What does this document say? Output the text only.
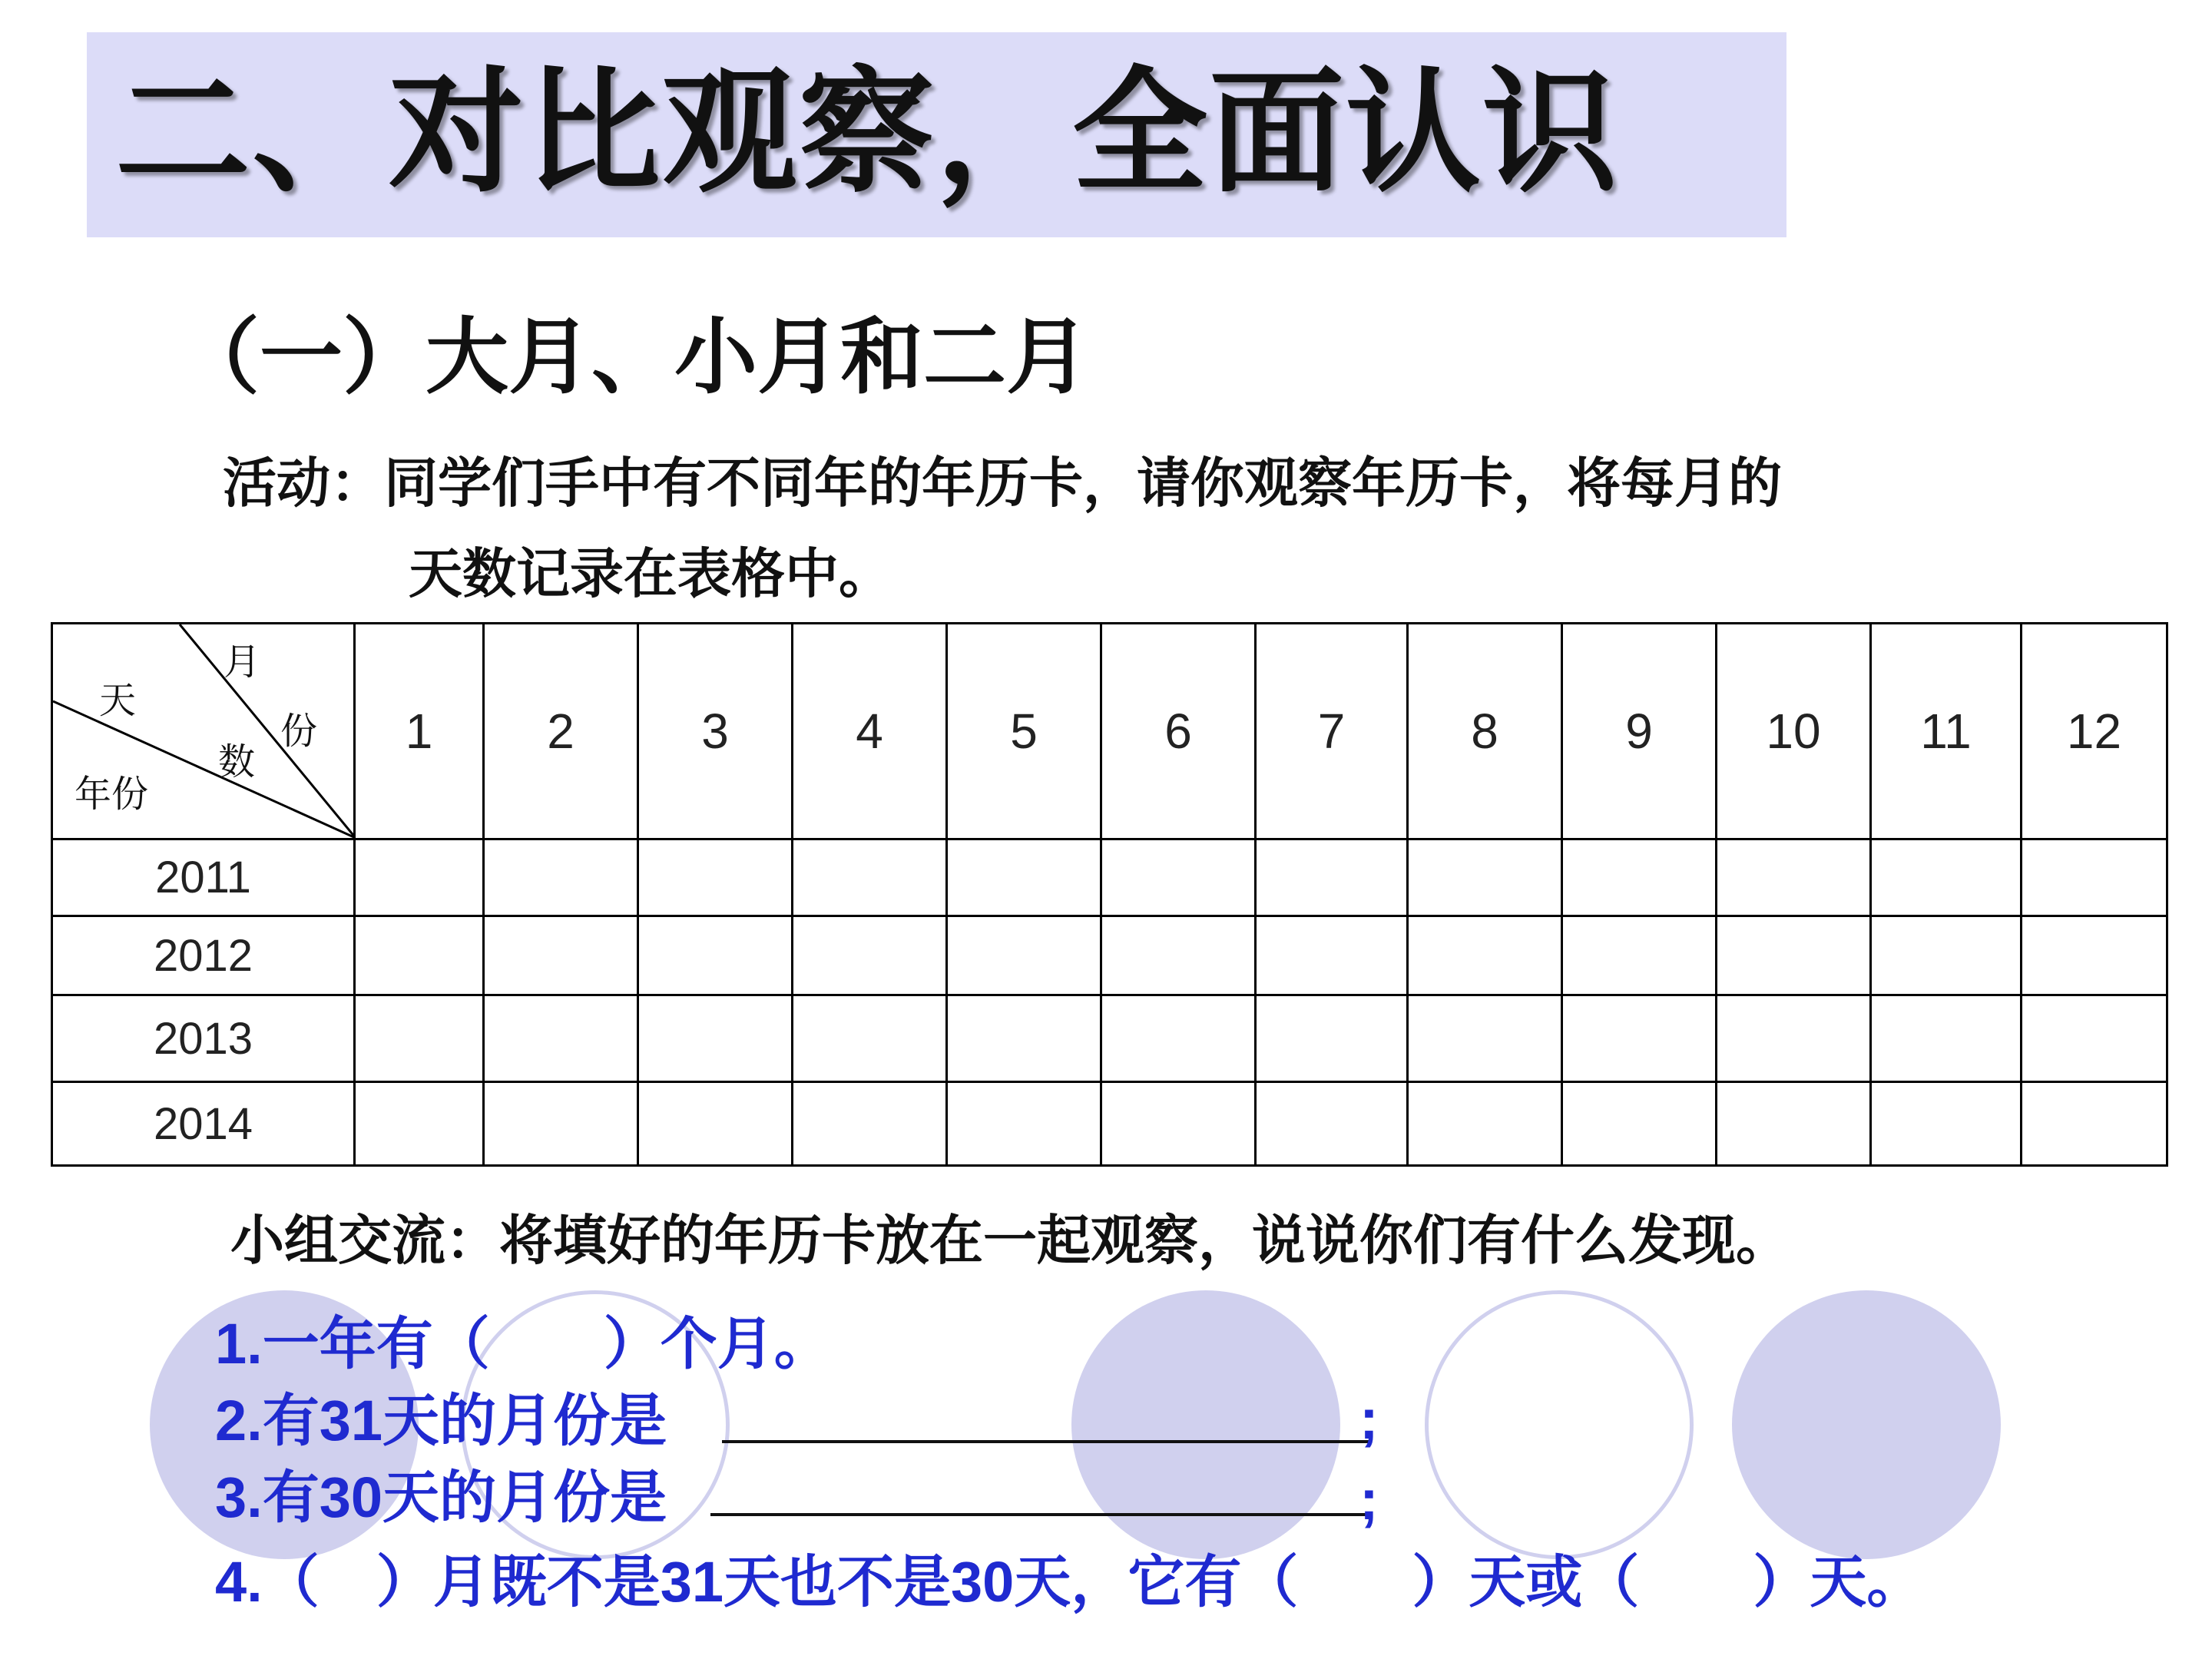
二、对比观察，全面认识
（一）大月、小月和二月
活动：同学们手中有不同年的年历卡，请你观察年历卡，将每月的
天数记录在表格中。
月
份
天
数
年份	1	2	3	4	5	6	7	8	9	10	11	12
2011												
2012												
2013												
2014												
小组交流：将填好的年历卡放在一起观察，说说你们有什么发现。
1.一年有（　　）个月。
2.有31天的月份是	;
3.有30天的月份是	;
4.（　）月既不是31天也不是30天，它有（　　）天或（　　）天。
